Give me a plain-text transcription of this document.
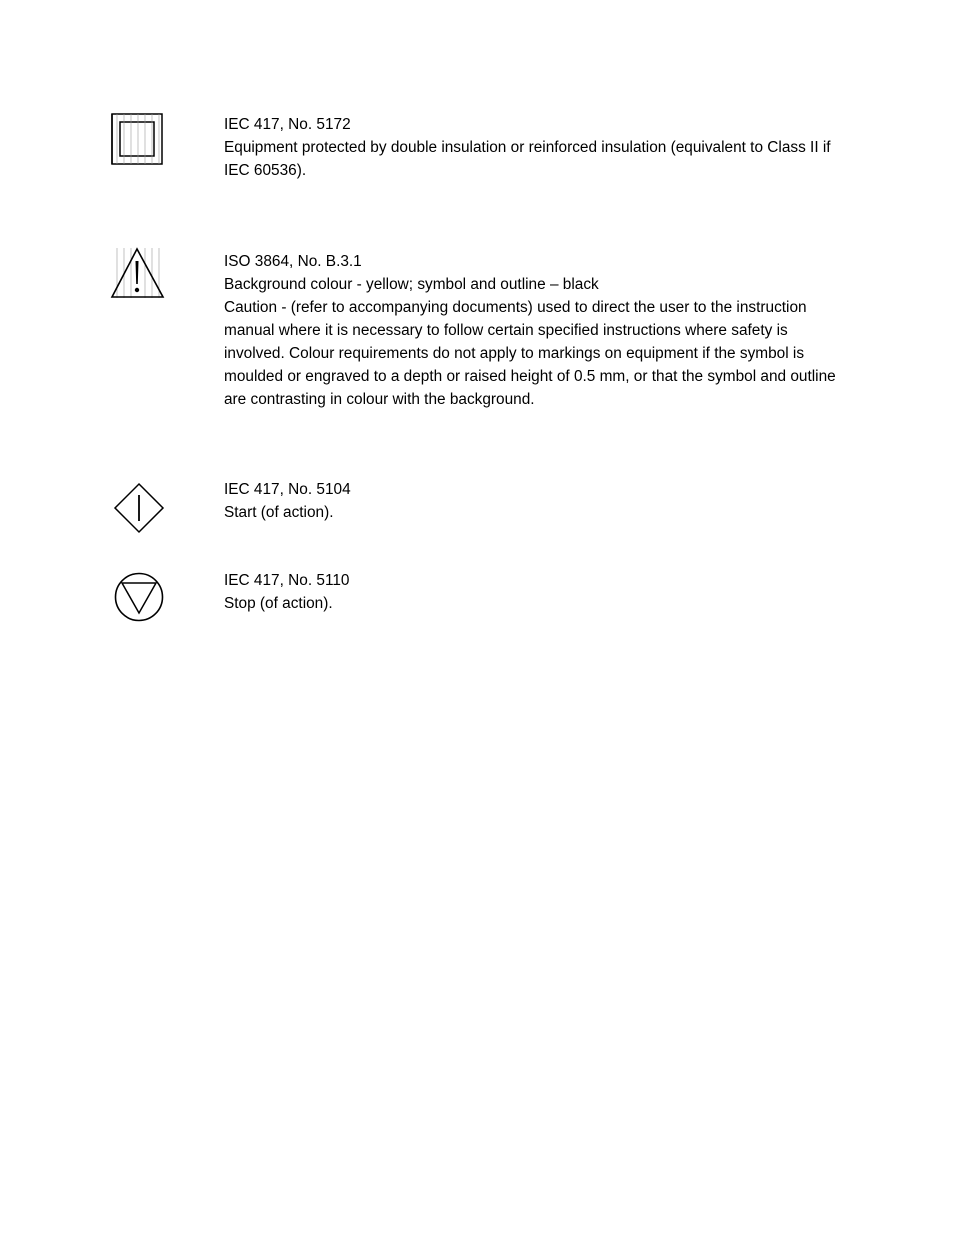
IEC 417, No. 5172
Equipment protected by double insulation or reinforced insulation (equivalent to Class II if IEC 60536).
ISO 3864, No. B.3.1
Background colour - yellow; symbol and outline – black
Caution - (refer to accompanying documents) used to direct the user to the instruction manual where it is necessary to follow certain specified instructions where safety is involved. Colour requirements do not apply to markings on equipment if the symbol is moulded or engraved to a depth or raised height of 0.5 mm, or that the symbol and outline are contrasting in colour with the background.
IEC 417, No. 5104
Start (of action).
IEC 417, No. 5110
Stop (of action).
